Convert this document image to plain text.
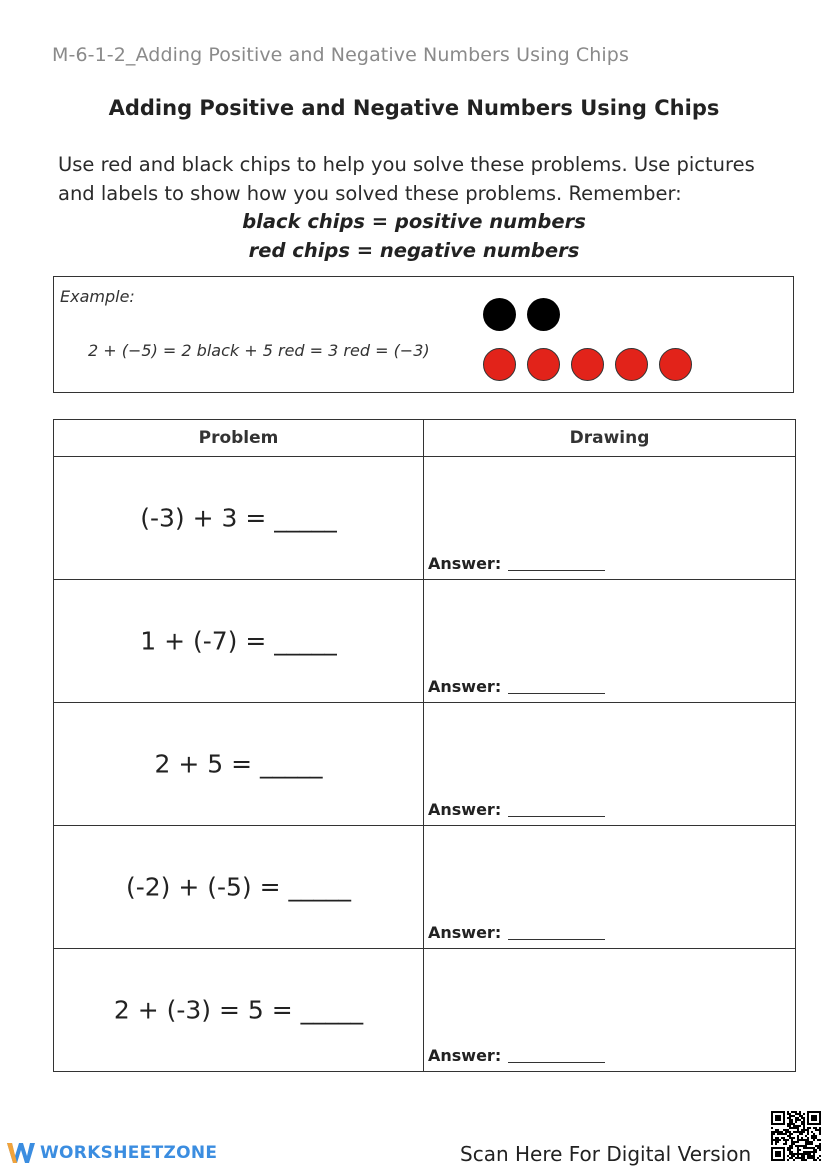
M-6-1-2_Adding Positive and Negative Numbers Using Chips
Adding Positive and Negative Numbers Using Chips
Use red and black chips to help you solve these problems. Use pictures and labels to show how you solved these problems. Remember:
black chips = positive numbers
red chips = negative numbers
Example:
2 + (−5) = 2 black + 5 red = 3 red = (−3)
Problem	Drawing

(-3) + 3 = _____	Answer:

1 + (-7) = _____	Answer:

2 + 5 = _____	Answer:

(-2) + (-5) = _____	Answer:

2 + (-3) = 5 = _____	Answer:
WORKSHEETZONE	Scan Here For Digital Version
